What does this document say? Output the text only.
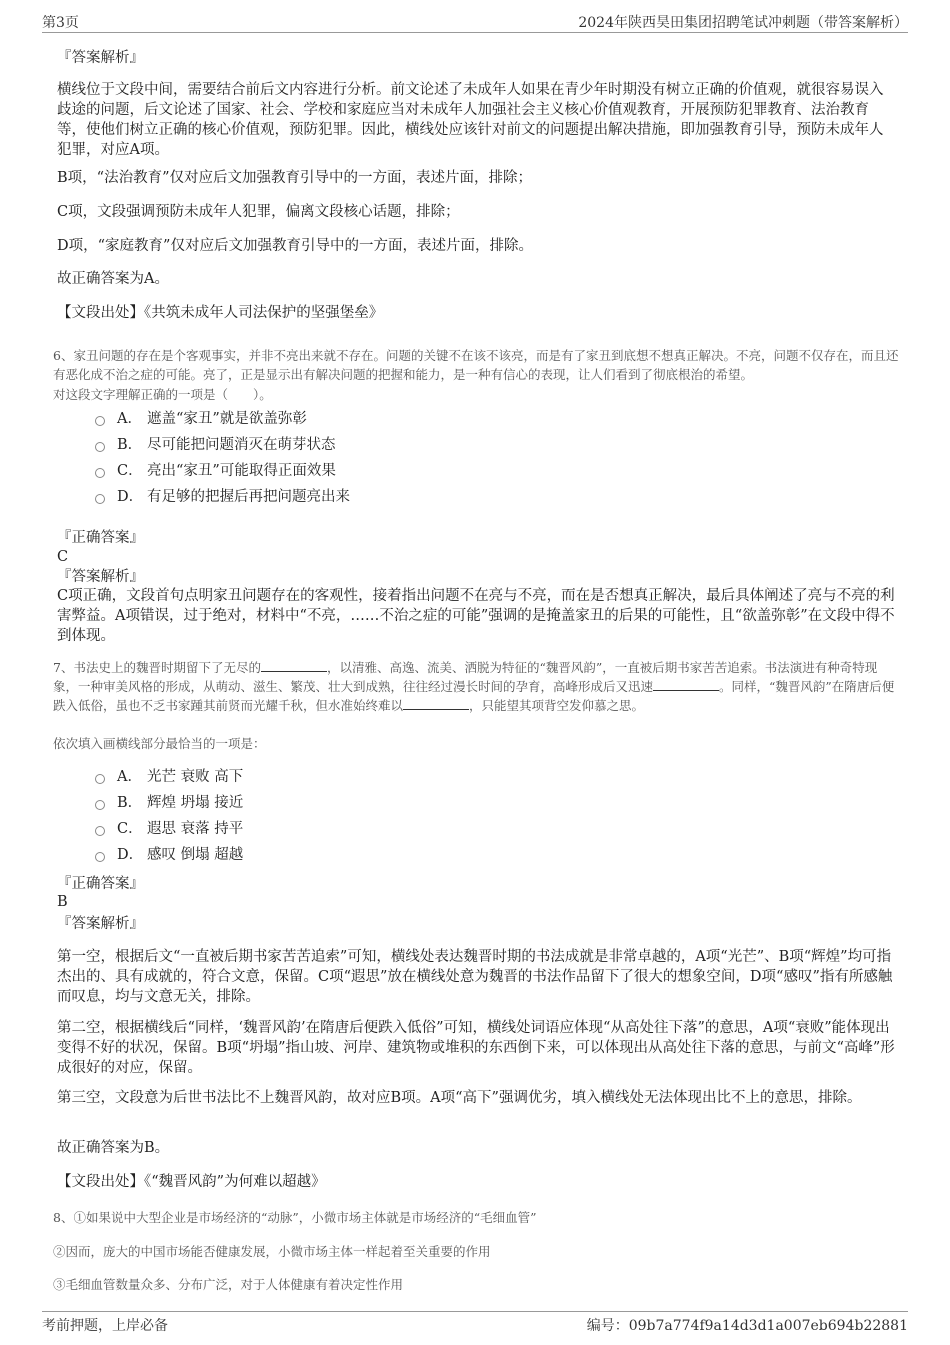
第3页	2024年陕西昊田集团招聘笔试冲刺题（带答案解析）
『答案解析』
横线位于文段中间，需要结合前后文内容进行分析。前文论述了未成年人如果在青少年时期没有树立正确的价值观，就很容易误入歧途的问题，后文论述了国家、社会、学校和家庭应当对未成年人加强社会主义核心价值观教育，开展预防犯罪教育、法治教育等，使他们树立正确的核心价值观，预防犯罪。因此，横线处应该针对前文的问题提出解决措施，即加强教育引导，预防未成年人犯罪，对应A项。
B项，“法治教育”仅对应后文加强教育引导中的一方面，表述片面，排除；
C项，文段强调预防未成年人犯罪，偏离文段核心话题，排除；
D项，“家庭教育”仅对应后文加强教育引导中的一方面，表述片面，排除。
故正确答案为A。
【文段出处】《共筑未成年人司法保护的坚强堡垒》
6、家丑问题的存在是个客观事实，并非不亮出来就不存在。问题的关键不在该不该亮，而是有了家丑到底想不想真正解决。不亮，问题不仅存在，而且还有恶化成不治之症的可能。亮了，正是显示出有解决问题的把握和能力，是一种有信心的表现，让人们看到了彻底根治的希望。
对这段文字理解正确的一项是（　　）。
A． 遮盖“家丑”就是欲盖弥彰
B． 尽可能把问题消灭在萌芽状态
C． 亮出“家丑”可能取得正面效果
D． 有足够的把握后再把问题亮出来
『正确答案』
C
『答案解析』
C项正确，文段首句点明家丑问题存在的客观性，接着指出问题不在亮与不亮，而在是否想真正解决，最后具体阐述了亮与不亮的利害弊益。A项错误，过于绝对，材料中“不亮，……不治之症的可能”强调的是掩盖家丑的后果的可能性，且“欲盖弥彰”在文段中得不到体现。
7、书法史上的魏晋时期留下了无尽的	，以清雅、高逸、流美、洒脱为特征的“魏晋风韵”，一直被后期书家苦苦追索。书法演进有种奇特现象，一种审美风格的形成，从萌动、滋生、繁茂、壮大到成熟，往往经过漫长时间的孕育，高峰形成后又迅速	。同样，“魏晋风韵”在隋唐后便跌入低俗，虽也不乏书家踵其前贤而光耀千秋，但水准始终难以	，只能望其项背空发仰慕之思。
依次填入画横线部分最恰当的一项是：
A． 光芒 衰败 高下
B． 辉煌 坍塌 接近
C． 遐思 衰落 持平
D． 感叹 倒塌 超越
『正确答案』
B
『答案解析』
第一空，根据后文“一直被后期书家苦苦追索”可知，横线处表达魏晋时期的书法成就是非常卓越的，A项“光芒”、B项“辉煌”均可指杰出的、具有成就的，符合文意，保留。C项“遐思”放在横线处意为魏晋的书法作品留下了很大的想象空间，D项“感叹”指有所感触而叹息，均与文意无关，排除。
第二空，根据横线后“同样，‘魏晋风韵’在隋唐后便跌入低俗”可知，横线处词语应体现“从高处往下落”的意思，A项“衰败”能体现出变得不好的状况，保留。B项“坍塌”指山坡、河岸、建筑物或堆积的东西倒下来，可以体现出从高处往下落的意思，与前文“高峰”形成很好的对应，保留。
第三空，文段意为后世书法比不上魏晋风韵，故对应B项。A项“高下”强调优劣，填入横线处无法体现出比不上的意思，排除。
故正确答案为B。
【文段出处】《“魏晋风韵”为何难以超越》
8、①如果说中大型企业是市场经济的“动脉”，小微市场主体就是市场经济的“毛细血管”
②因而，庞大的中国市场能否健康发展，小微市场主体一样起着至关重要的作用
③毛细血管数量众多、分布广泛，对于人体健康有着决定性作用
考前押题，上岸必备	编号：09b7a774f9a14d3d1a007eb694b22881
